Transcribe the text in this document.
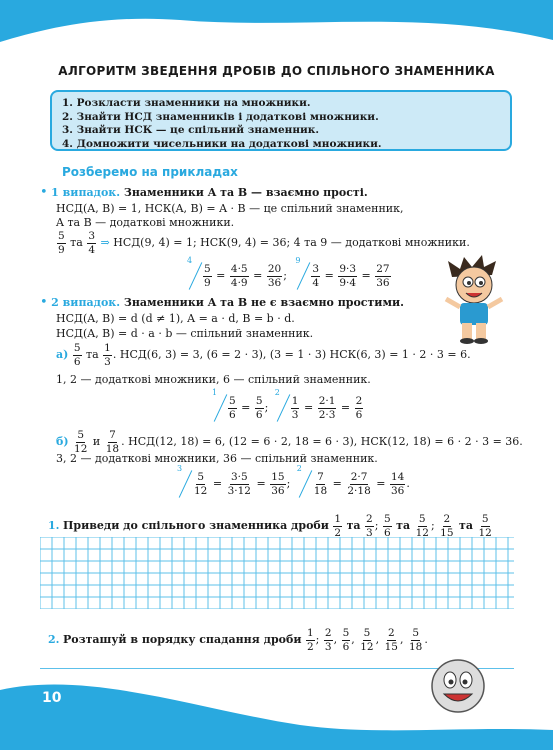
АЛГОРИТМ ЗВЕДЕННЯ ДРОБІВ ДО СПІЛЬНОГО ЗНАМЕННИКА
1. Розкласти знаменники на множники.
2. Знайти НСД знаменників і додаткові множники.
3. Знайти НСК — це спільний знаменник.
4. Домножити чисельники на додаткові множники.
Розберемо на прикладах
• 1 випадок. Знаменники A та B — взаємно прості.
НСД(A, B) = 1, НСК(A, B) = A · B — це спільний знаменник,
A та B — додаткові множники.
$\frac{5}{9}$ та $\frac{3}{4}$ ⇒ НСД(9, 4) = 1; НСК(9, 4) = 36; 4 та 9 — додаткові множники.
4
$\frac{5}{9} = \frac{4\cdot 5}{4\cdot 9} = \frac{20}{36}$ ;
9
$\frac{3}{4} = \frac{9\cdot 3}{9\cdot 4} = \frac{27}{36}$
• 2 випадок. Знаменники A та B не є взаємно простими.
НСД(A, B) = d (d ≠ 1), A = a · d, B = b · d.
НСД(A, B) = d · a · b — спільний знаменник.
$а) \frac{5}{6}$ та $\frac{1}{3}$ . НСД(6, 3) = 3, (6 = 2 · 3), (3 = 1 · 3) НСК(6, 3) = 1 · 2 · 3 = 6.
1, 2 — додаткові множники, 6 — спільний знаменник.
1
$\frac{5}{6} = \frac{5}{6}$ ;
2
$\frac{1}{3} = \frac{2\cdot 1}{2\cdot 3} = \frac{2}{6}$
$б) \frac{5}{12}$ и $\frac{7}{18}$ . НСД(12, 18) = 6, (12 = 6 · 2, 18 = 6 · 3), НСК(12, 18) = 6 · 2 · 3 = 36.
3, 2 — додаткові множники, 36 — спільний знаменник.
3
$\frac{5}{12} = \frac{3\cdot 5}{3\cdot 12} = \frac{15}{36}$ ;
2
$\frac{7}{18} = \frac{2\cdot 7}{2\cdot 18} = \frac{14}{36}$ .
1. Приведи до спільного знаменника дроби $\frac{1}{2}$ та $\frac{2}{3}$ ; $\frac{5}{6}$ та $\frac{5}{12}$ ; $\frac{2}{15}$ та $\frac{5}{12}$
2. Розташуй в порядку спадання дроби $\frac{1}{2}$ ; $\frac{2}{3}$ , $\frac{5}{6}$ , $\frac{5}{12}$ , $\frac{2}{15}$ , $\frac{5}{18}$ .
10
